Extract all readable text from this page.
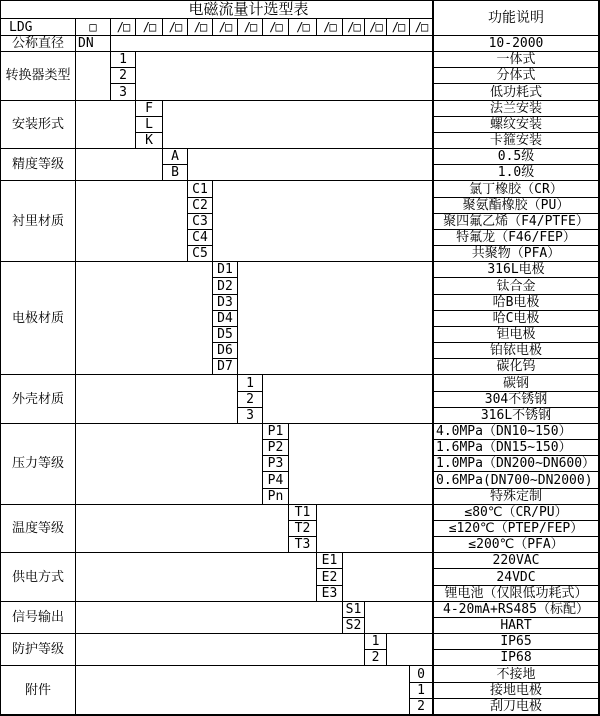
电磁流量计选型表	功能说明
LDG	□	/□	/□	/□	/□	/□	/□	/□	/□	/□ /□ /□ /□ /□
公称直径	DN	10-2000
转换器类型
1	一体式
2	分体式
3	低功耗式
安装形式
F	法兰安装
L	螺纹安装
K	卡箍安装
精度等级
A	0.5级
B	1.0级
衬里材质
C1	氯丁橡胶（CR）
C2	聚氨酯橡胶（PU）
C3	聚四氟乙烯（F4/PTFE）
C4	特氟龙（F46/FEP）
C5	共聚物（PFA）
电极材质
D1	316L电极
D2	钛合金
D3	哈B电极
D4	哈C电极
D5	钽电极
D6	铂铱电极
D7	碳化钨
外壳材质
1	碳钢
2	304不锈钢
3	316L不锈钢
压力等级
P1	4.0MPa（DN10~150）
P2	1.6MPa（DN15~150）
P3	1.0MPa（DN200~DN600）
P4	0.6MPa(DN700~DN2000)
Pn	特殊定制
温度等级
T1	≤80℃（CR/PU）
T2	≤120℃（PTEP/FEP）
T3	≤200℃（PFA）
供电方式
E1	220VAC
E2	24VDC
E3	锂电池（仅限低功耗式）
信号输出
S1	4-20mA+RS485（标配）
S2	HART
防护等级
1	IP65
2	IP68
附件
0	不接地
1	接地电极
2	刮刀电极
